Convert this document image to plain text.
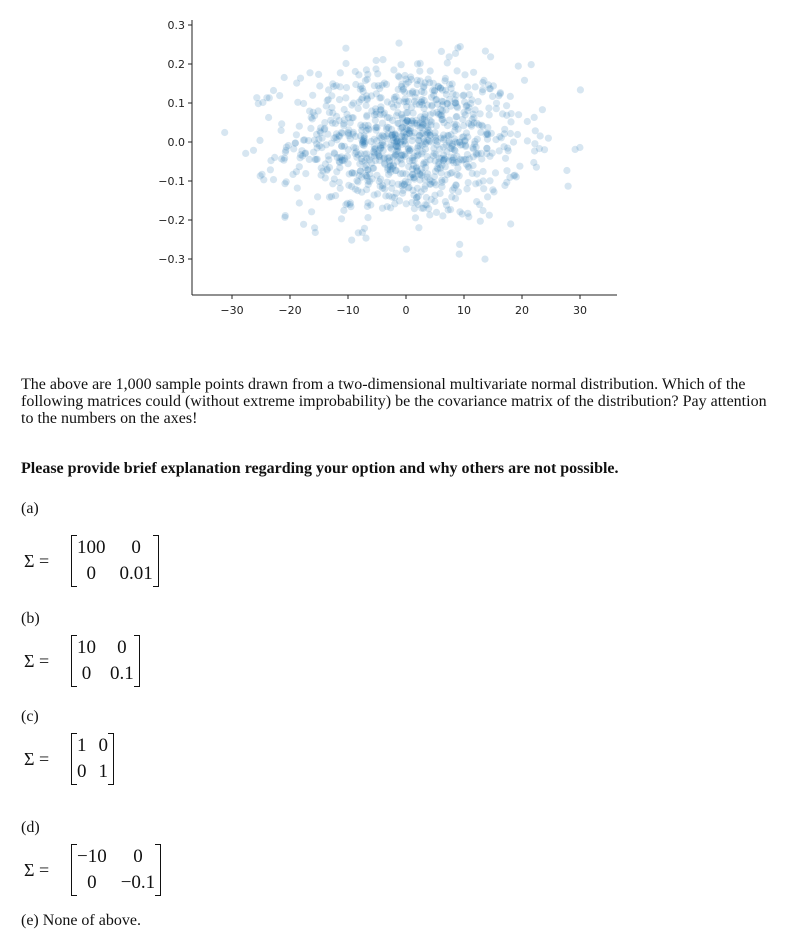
−30	−20	−10	0	10	20	30
0.3
0.2
0.1
0.0
−0.1
−0.2
−0.3
The above are 1,000 sample points drawn from a two-dimensional multivariate normal distribution. Which of the following matrices could (without extreme improbability) be the covariance matrix of the distribution? Pay attention to the numbers on the axes!
Please provide brief explanation regarding your option and why others are not possible.
(a)
Σ =
100	0
0	0.01
(b)
Σ =
10	0
0 0.1
(c)
Σ =
1 0
0 1
(d)
Σ =
−10	0
0	−0.1
(e) None of above.
